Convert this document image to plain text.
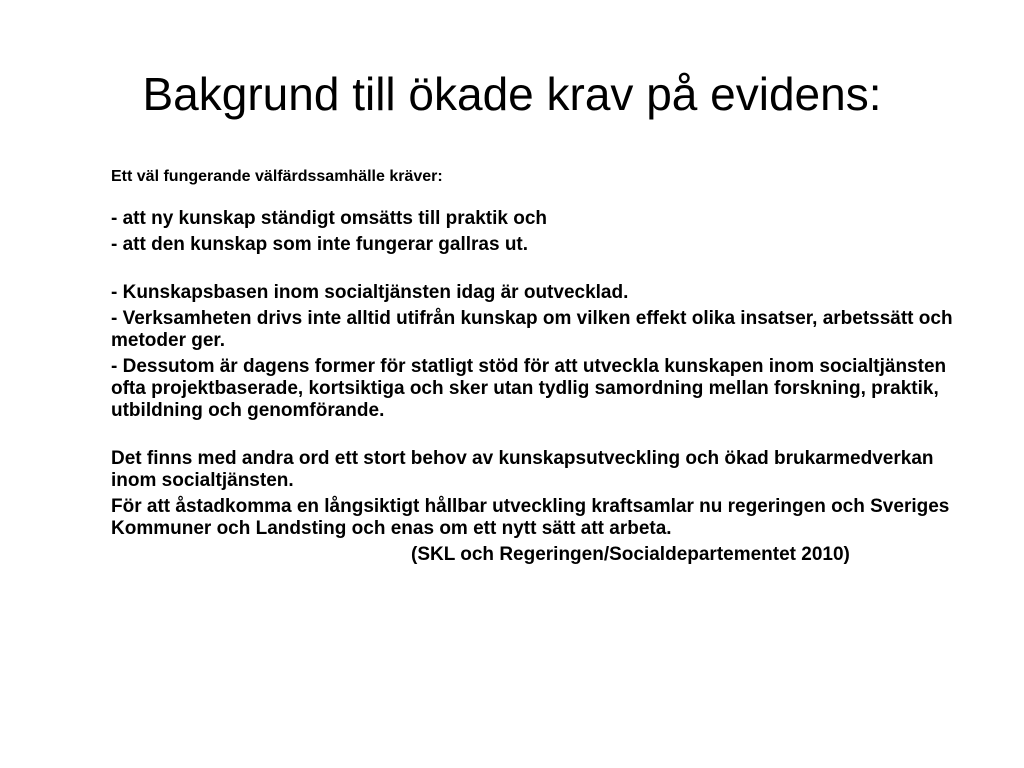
Bakgrund till ökade krav på evidens:

Ett väl fungerande välfärdssamhälle kräver:

- att ny kunskap ständigt omsätts till praktik och

- att den kunskap som inte fungerar gallras ut.

- Kunskapsbasen inom socialtjänsten idag är outvecklad.

- Verksamheten drivs inte alltid utifrån kunskap om vilken effekt olika insatser, arbetssätt och metoder ger.

- Dessutom är dagens former för statligt stöd för att utveckla kunskapen inom socialtjänsten ofta projektbaserade, kortsiktiga och sker utan tydlig samordning mellan forskning, praktik, utbildning och genomförande.

Det finns med andra ord ett stort behov av kunskapsutveckling och ökad brukarmedverkan inom socialtjänsten.

För att åstadkomma en långsiktigt hållbar utveckling kraftsamlar nu regeringen och Sveriges Kommuner och Landsting och enas om ett nytt sätt att arbeta.

(SKL och Regeringen/Socialdepartementet 2010)
